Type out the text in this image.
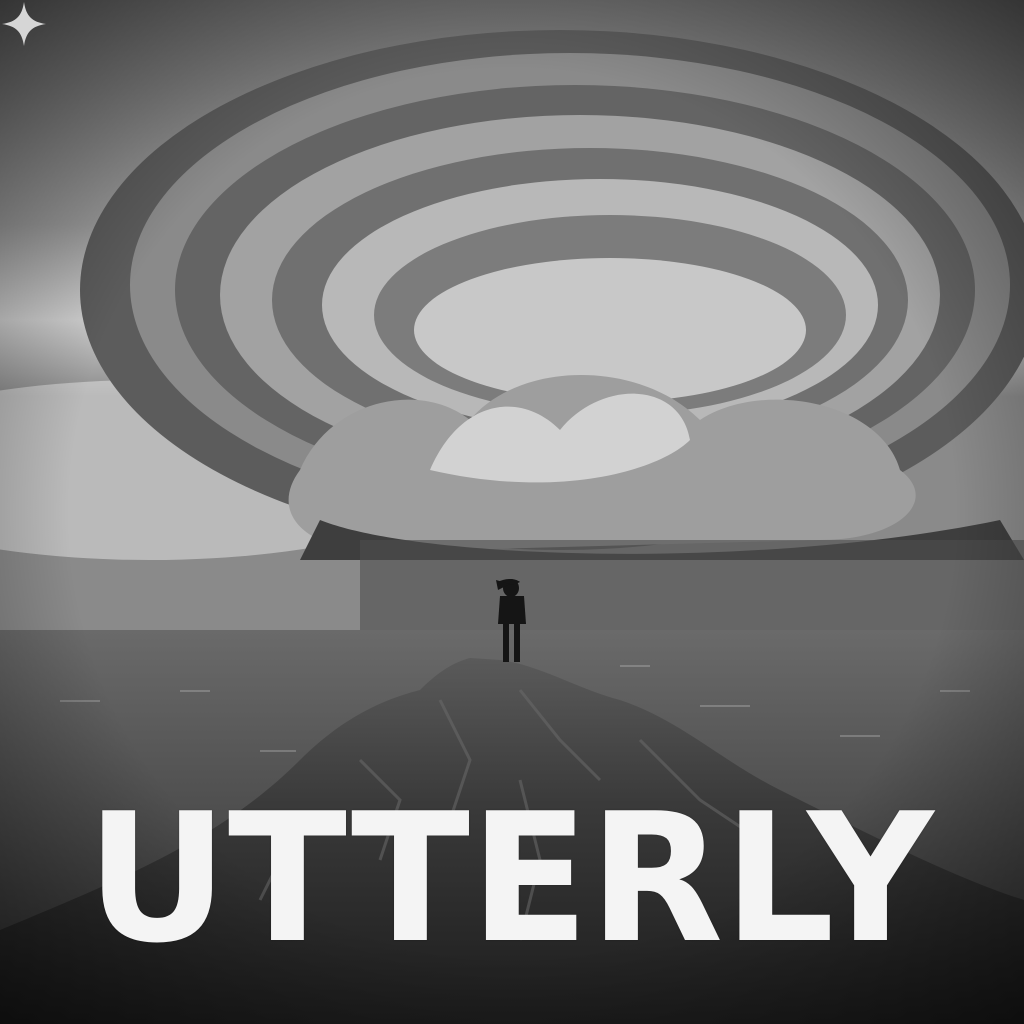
UTTERLY
